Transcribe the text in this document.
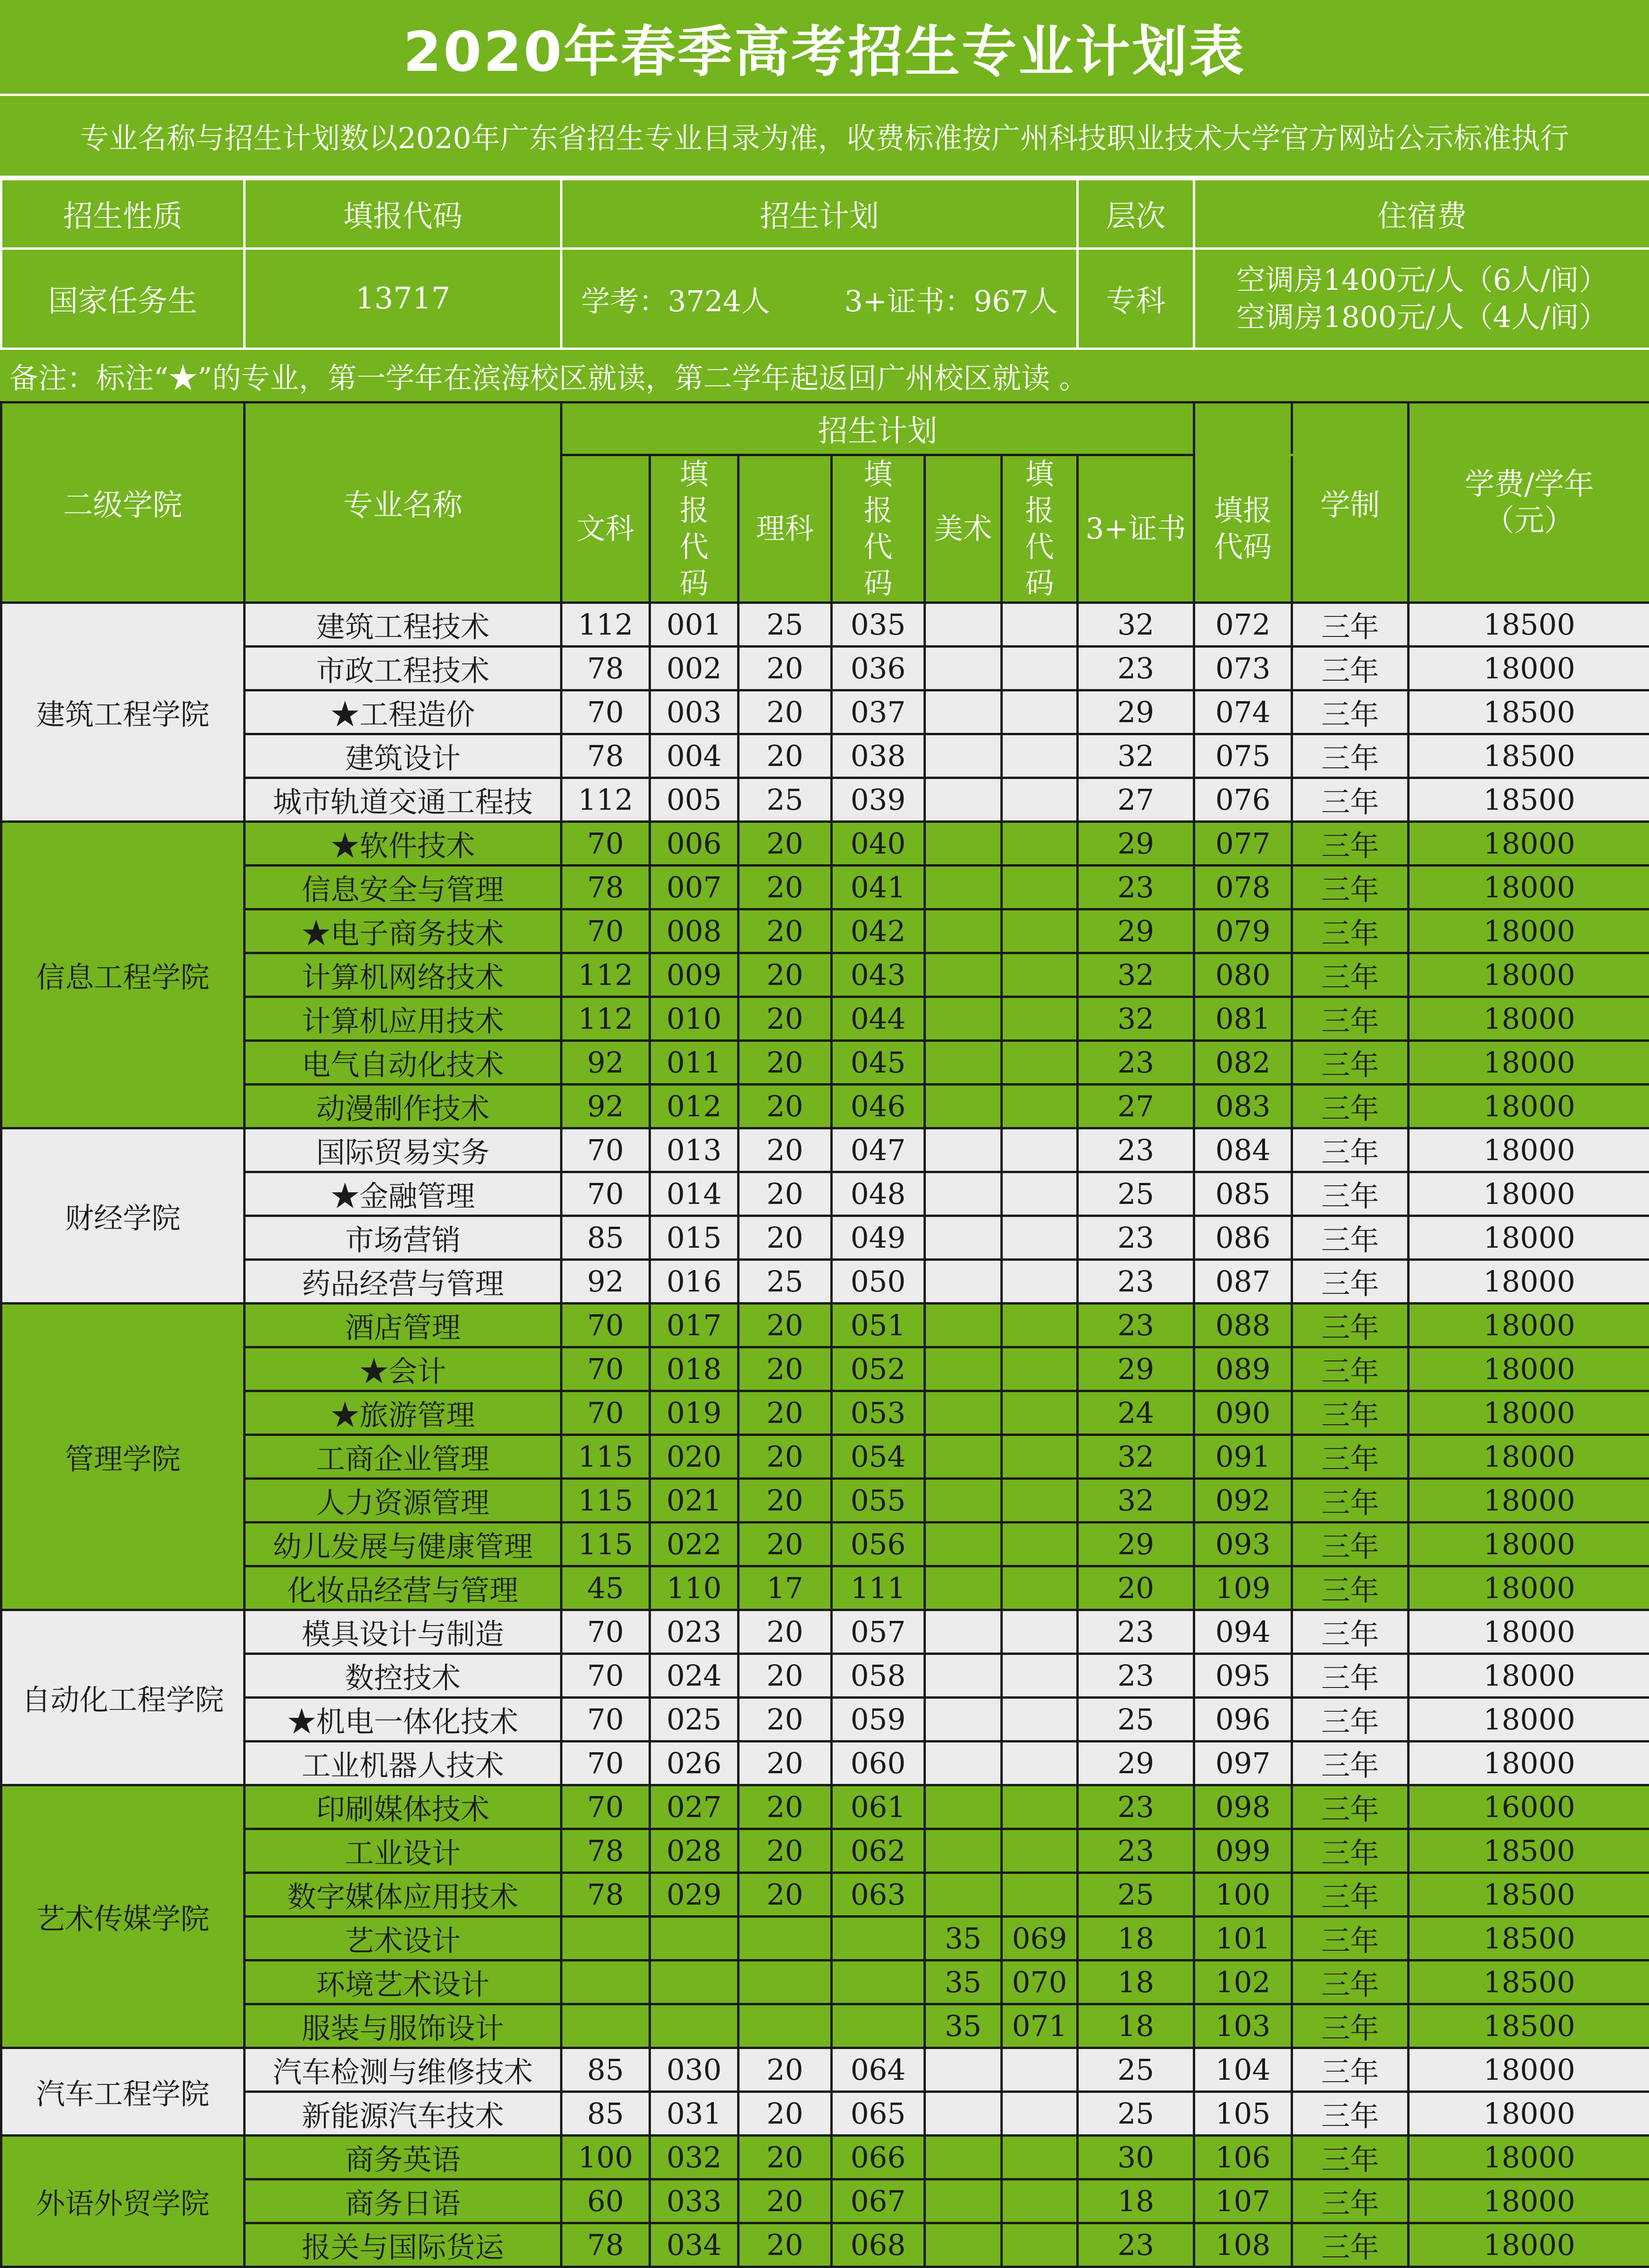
2020年春季高考招生专业计划表
专业名称与招生计划数以2020年广东省招生专业目录为准，收费标准按广州科技职业技术大学官方网站公示标准执行
招生性质	填报代码	招生计划	层次	住宿费
国家任务生	13717	学考：3724人 3+证书：967人	专科	空调房1400元/人（6人/间）
空调房1800元/人（4人/间）
备注：标注“★”的专业，第一学年在滨海校区就读，第二学年起返回广州校区就读 。
二级学院	专业名称	招生计划								学制	学费/学年（元）

		文科	填报代码	理科	填报代码	美术	填报代码	3+证书	填报代码		

建筑工程学院	建筑工程技术	112	001	25	035			32	072	三年	18500
	市政工程技术	78	002	20	036			23	073	三年	18000
	★工程造价	70	003	20	037			29	074	三年	18500
	建筑设计	78	004	20	038			32	075	三年	18500
	城市轨道交通工程技	112	005	25	039			27	076	三年	18500
信息工程学院	★软件技术	70	006	20	040			29	077	三年	18000
	信息安全与管理	78	007	20	041			23	078	三年	18000
	★电子商务技术	70	008	20	042			29	079	三年	18000
	计算机网络技术	112	009	20	043			32	080	三年	18000
	计算机应用技术	112	010	20	044			32	081	三年	18000
	电气自动化技术	92	011	20	045			23	082	三年	18000
	动漫制作技术	92	012	20	046			27	083	三年	18000
财经学院	国际贸易实务	70	013	20	047			23	084	三年	18000
	★金融管理	70	014	20	048			25	085	三年	18000
	市场营销	85	015	20	049			23	086	三年	18000
	药品经营与管理	92	016	25	050			23	087	三年	18000
管理学院	酒店管理	70	017	20	051			23	088	三年	18000
	★会计	70	018	20	052			29	089	三年	18000
	★旅游管理	70	019	20	053			24	090	三年	18000
	工商企业管理	115	020	20	054			32	091	三年	18000
	人力资源管理	115	021	20	055			32	092	三年	18000
	幼儿发展与健康管理	115	022	20	056			29	093	三年	18000
	化妆品经营与管理	45	110	17	111			20	109	三年	18000
自动化工程学院	模具设计与制造	70	023	20	057			23	094	三年	18000
	数控技术	70	024	20	058			23	095	三年	18000
	★机电一体化技术	70	025	20	059			25	096	三年	18000
	工业机器人技术	70	026	20	060			29	097	三年	18000
艺术传媒学院	印刷媒体技术	70	027	20	061			23	098	三年	16000
	工业设计	78	028	20	062			23	099	三年	18500
	数字媒体应用技术	78	029	20	063			25	100	三年	18500
	艺术设计					35	069	18	101	三年	18500
	环境艺术设计					35	070	18	102	三年	18500
	服装与服饰设计					35	071	18	103	三年	18500
汽车工程学院	汽车检测与维修技术	85	030	20	064			25	104	三年	18000
	新能源汽车技术	85	031	20	065			25	105	三年	18000
外语外贸学院	商务英语	100	032	20	066			30	106	三年	18000
	商务日语	60	033	20	067			18	107	三年	18000
	报关与国际货运	78	034	20	068			23	108	三年	18000
